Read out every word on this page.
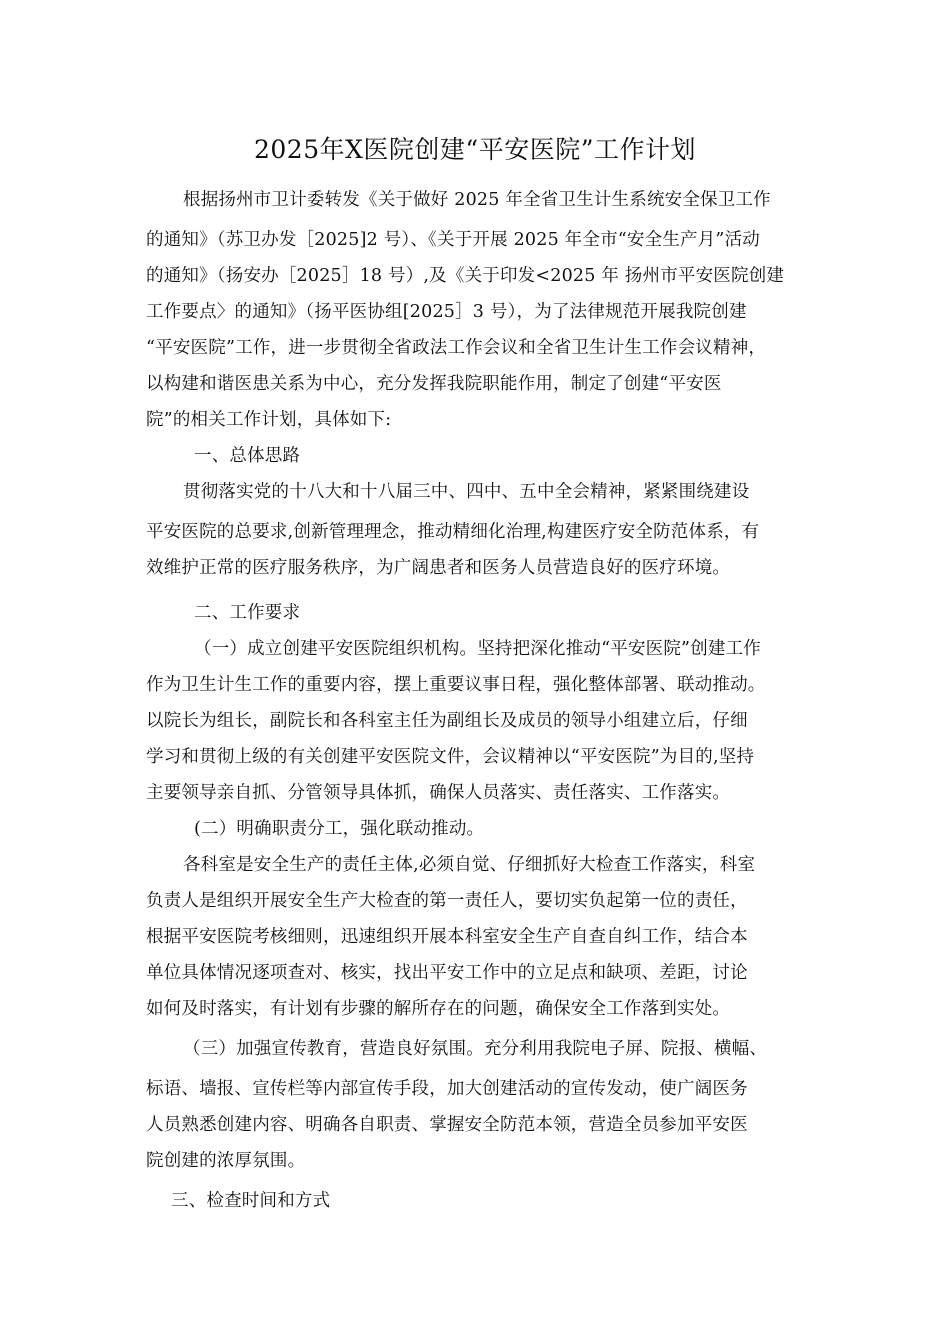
2025年X医院创建“平安医院”工作计划
根据扬州市卫计委转发《关于做好 2025 年全省卫生计生系统安全保卫工作
的通知》（苏卫办发［2025]2 号）、《关于开展 2025 年全市“安全生产月”活动
的通知》（扬安办［2025］18 号）,及《关于印发<2025 年 扬州市平安医院创建
工作要点〉的通知》（扬平医协组[2025］3 号），为了法律规范开展我院创建
“平安医院”工作，进一步贯彻全省政法工作会议和全省卫生计生工作会议精神，
以构建和谐医患关系为中心，充分发挥我院职能作用，制定了创建“平安医
院”的相关工作计划，具体如下:
一、总体思路
贯彻落实党的十八大和十八届三中、四中、五中全会精神，紧紧围绕建设
平安医院的总要求,创新管理理念，推动精细化治理,构建医疗安全防范体系，有
效维护正常的医疗服务秩序，为广阔患者和医务人员营造良好的医疗环境。
二、工作要求
（一）成立创建平安医院组织机构。坚持把深化推动“平安医院”创建工作
作为卫生计生工作的重要内容，摆上重要议事日程，强化整体部署、联动推动。
以院长为组长，副院长和各科室主任为副组长及成员的领导小组建立后，仔细
学习和贯彻上级的有关创建平安医院文件，会议精神以“平安医院”为目的,坚持
主要领导亲自抓、分管领导具体抓，确保人员落实、责任落实、工作落实。
(二）明确职责分工，强化联动推动。
各科室是安全生产的责任主体,必须自觉、仔细抓好大检查工作落实，科室
负责人是组织开展安全生产大检查的第一责任人，要切实负起第一位的责任，
根据平安医院考核细则，迅速组织开展本科室安全生产自查自纠工作，结合本
单位具体情况逐项查对、核实，找出平安工作中的立足点和缺项、差距，讨论
如何及时落实，有计划有步骤的解所存在的问题，确保安全工作落到实处。
（三）加强宣传教育，营造良好氛围。充分利用我院电子屏、院报、横幅、
标语、墙报、宣传栏等内部宣传手段，加大创建活动的宣传发动，使广阔医务
人员熟悉创建内容、明确各自职责、掌握安全防范本领，营造全员参加平安医
院创建的浓厚氛围。
三、检查时间和方式
